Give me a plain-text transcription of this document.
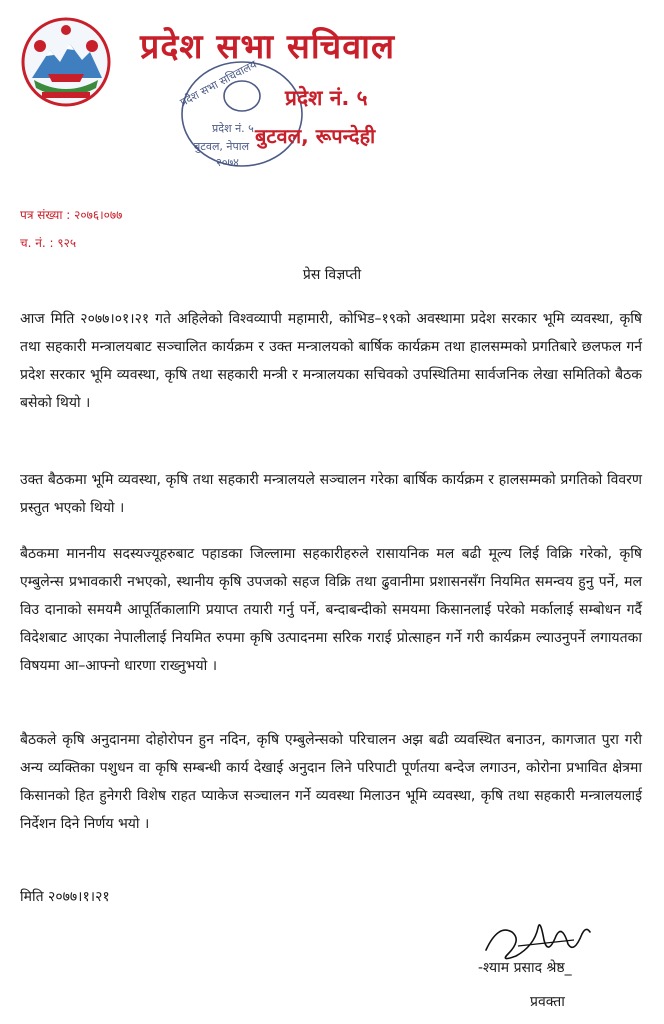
प्रदेश सभा सचिवाल
प्रदेश सभा सचिवालय
प्रदेश नं. ५
बुटवल, नेपाल
२०७४
प्रदेश नं. ५
बुटवल, रूपन्देही
पत्र संख्या : २०७६।०७७
च. नं. : ९२५
प्रेस विज्ञप्ती

आज मिति २०७७।०१।२१ गते अहिलेको विश्वव्यापी महामारी, कोभिड–१९को अवस्थामा प्रदेश सरकार भूमि व्यवस्था, कृषि तथा सहकारी मन्त्रालयबाट सञ्चालित कार्यक्रम र उक्त मन्त्रालयको बार्षिक कार्यक्रम तथा हालसम्मको प्रगतिबारे छलफल गर्न प्रदेश सरकार भूमि व्यवस्था, कृषि तथा सहकारी मन्त्री र मन्त्रालयका सचिवको उपस्थितिमा सार्वजनिक लेखा समितिको बैठक बसेको थियो ।

उक्त बैठकमा भूमि व्यवस्था, कृषि तथा सहकारी मन्त्रालयले सञ्चालन गरेका बार्षिक कार्यक्रम र हालसम्मको प्रगतिको विवरण प्रस्तुत भएको थियो ।

बैठकमा माननीय सदस्यज्यूहरुबाट पहाडका जिल्लामा सहकारीहरुले रासायनिक मल बढी मूल्य लिई विक्रि गरेको, कृषि एम्बुलेन्स प्रभावकारी नभएको, स्थानीय कृषि उपजको सहज विक्रि तथा ढुवानीमा प्रशासनसँग नियमित समन्वय हुनु पर्ने, मल विउ दानाको समयमै आपूर्तिकालागि प्रयाप्त तयारी गर्नु पर्ने, बन्दाबन्दीको समयमा किसानलाई परेको मर्कालाई सम्बोधन गर्दै विदेशबाट आएका नेपालीलाई नियमित रुपमा कृषि उत्पादनमा सरिक गराई प्रोत्साहन गर्ने गरी कार्यक्रम ल्याउनुपर्ने लगायतका विषयमा आ–आफ्नो धारणा राख्नुभयो ।

बैठकले कृषि अनुदानमा दोहोरोपन हुन नदिन, कृषि एम्बुलेन्सको परिचालन अझ बढी व्यवस्थित बनाउन, कागजात पुरा गरी अन्य व्यक्तिका पशुधन वा कृषि सम्बन्धी कार्य देखाई अनुदान लिने परिपाटी पूर्णतया बन्देज लगाउन, कोरोना प्रभावित क्षेत्रमा किसानको हित हुनेगरी विशेष राहत प्याकेज सञ्चालन गर्ने व्यवस्था मिलाउन भूमि व्यवस्था, कृषि तथा सहकारी मन्त्रालयलाई निर्देशन दिने निर्णय भयो ।

मिति २०७७।१।२१
-श्याम प्रसाद श्रेष्ठ_
प्रवक्ता
